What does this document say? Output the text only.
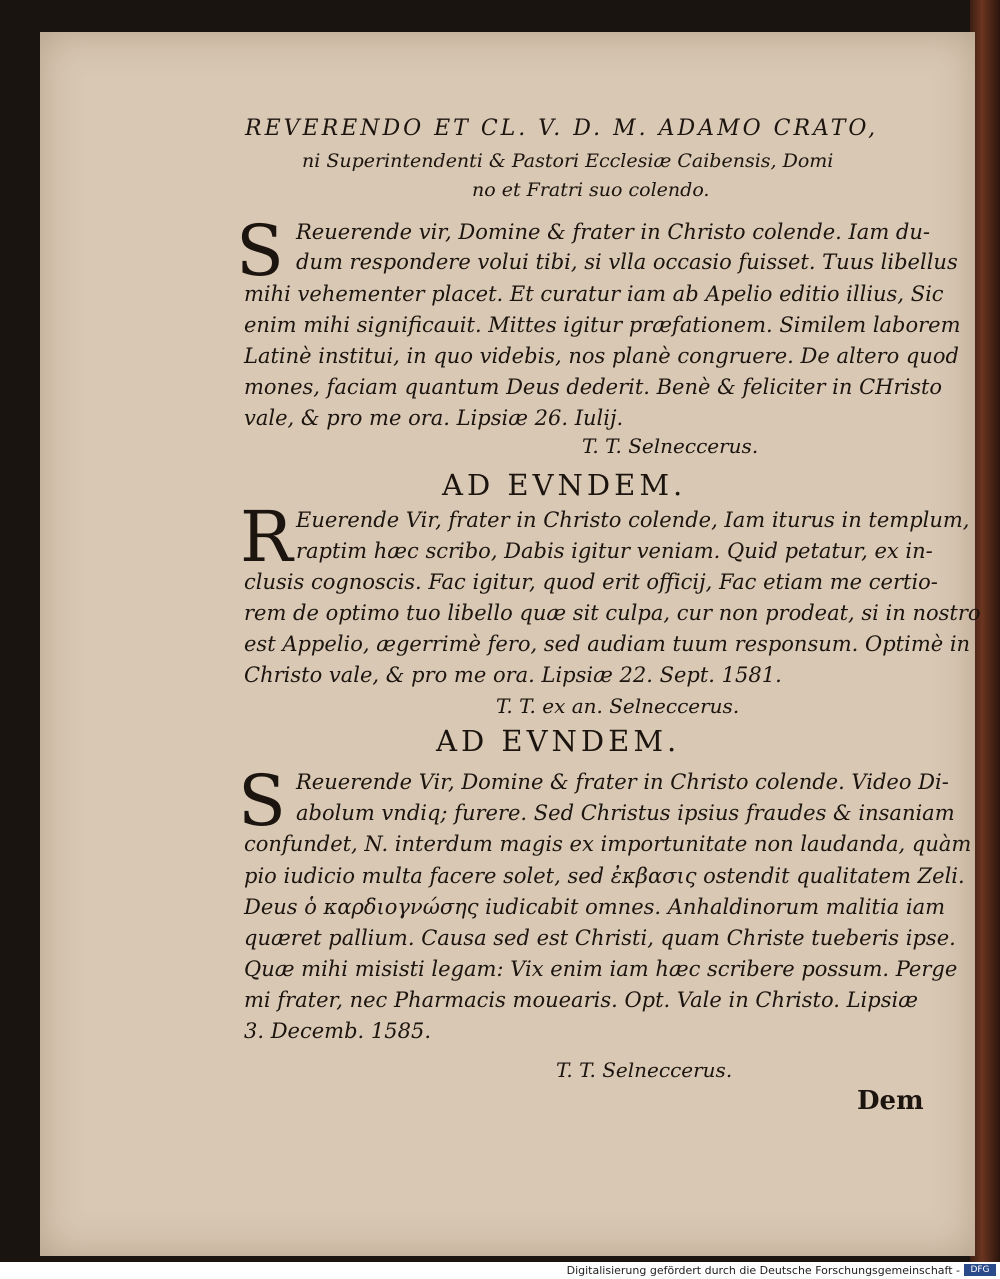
REVERENDO ET CL. V. D. M. ADAMO CRATO,
ni Superintendenti & Pastori Ecclesiæ Caibensis, Domi
no et Fratri suo colendo.
S Reuerende vir, Domine & frater in Christo colende. Iam du-
dum respondere volui tibi, si vlla occasio fuisset. Tuus libellus
mihi vehementer placet. Et curatur iam ab Apelio editio illius, Sic
enim mihi significauit. Mittes igitur præfationem. Similem laborem
Latinè institui, in quo videbis, nos planè congruere. De altero quod
mones, faciam quantum Deus dederit. Benè & feliciter in CHristo
vale, & pro me ora. Lipsiæ 26. Iulij.
T. T. Selneccerus.
AD EVNDEM.
R Euerende Vir, frater in Christo colende, Iam iturus in templum,
raptim hæc scribo, Dabis igitur veniam. Quid petatur, ex in-
clusis cognoscis. Fac igitur, quod erit officij, Fac etiam me certio-
rem de optimo tuo libello quæ sit culpa, cur non prodeat, si in nostro
est Appelio, ægerrimè fero, sed audiam tuum responsum. Optimè in
Christo vale, & pro me ora. Lipsiæ 22. Sept. 1581.
T. T. ex an. Selneccerus.
AD EVNDEM.
S Reuerende Vir, Domine & frater in Christo colende. Video Di-
abolum vndiq; furere. Sed Christus ipsius fraudes & insaniam
confundet, N. interdum magis ex importunitate non laudanda, quàm
pio iudicio multa facere solet, sed ἐκβασις ostendit qualitatem Zeli.
Deus ὁ καρδιογνώσης iudicabit omnes. Anhaldinorum malitia iam
quæret pallium. Causa sed est Christi, quam Christe tueberis ipse.
Quæ mihi misisti legam: Vix enim iam hæc scribere possum. Perge
mi frater, nec Pharmacis mouearis. Opt. Vale in Christo. Lipsiæ
3. Decemb. 1585.
T. T. Selneccerus.
Dem
Digitalisierung gefördert durch die Deutsche Forschungsgemeinschaft -	DFG
